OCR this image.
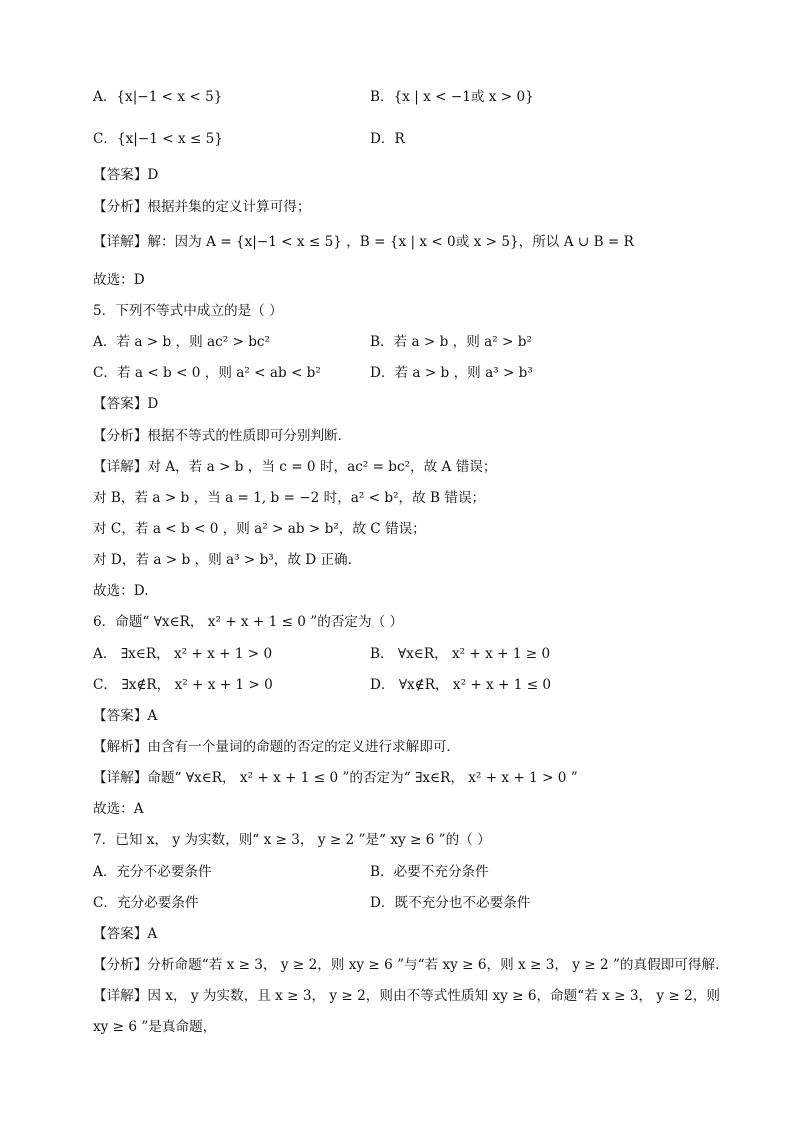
A．{x|−1 < x < 5}	B．{x | x < −1或 x > 0}
C．{x|−1 < x ≤ 5}	D．R
【答案】D
【分析】根据并集的定义计算可得；
【详解】解：因为 A = {x|−1 < x ≤ 5} ，B = {x | x < 0或 x > 5}，所以 A ∪ B = R
故选：D
5．下列不等式中成立的是（ ）
A．若 a > b ，则 ac² > bc²	B．若 a > b ，则 a² > b²
C．若 a < b < 0 ，则 a² < ab < b²	D．若 a > b ，则 a³ > b³
【答案】D
【分析】根据不等式的性质即可分别判断.
【详解】对 A，若 a > b ，当 c = 0 时，ac² = bc²，故 A 错误；
对 B，若 a > b ，当 a = 1, b = −2 时，a² < b²，故 B 错误；
对 C，若 a < b < 0 ，则 a² > ab > b²，故 C 错误；
对 D，若 a > b ，则 a³ > b³，故 D 正确.
故选：D.
6．命题“ ∀x∈R， x² + x + 1 ≤ 0 ”的否定为（ ）
A． ∃x∈R， x² + x + 1 > 0	B． ∀x∈R， x² + x + 1 ≥ 0
C． ∃x∉R， x² + x + 1 > 0	D． ∀x∉R， x² + x + 1 ≤ 0
【答案】A
【解析】由含有一个量词的命题的否定的定义进行求解即可．
【详解】命题“ ∀x∈R， x² + x + 1 ≤ 0 ”的否定为“ ∃x∈R， x² + x + 1 > 0 ”
故选：A
7．已知 x， y 为实数，则“ x ≥ 3， y ≥ 2 ”是“ xy ≥ 6 ”的（ ）
A．充分不必要条件	B．必要不充分条件
C．充分必要条件	D．既不充分也不必要条件
【答案】A
【分析】分析命题“若 x ≥ 3， y ≥ 2，则 xy ≥ 6 ”与“若 xy ≥ 6，则 x ≥ 3， y ≥ 2 ”的真假即可得解.
【详解】因 x， y 为实数，且 x ≥ 3， y ≥ 2，则由不等式性质知 xy ≥ 6，命题“若 x ≥ 3， y ≥ 2，则
xy ≥ 6 ”是真命题，
